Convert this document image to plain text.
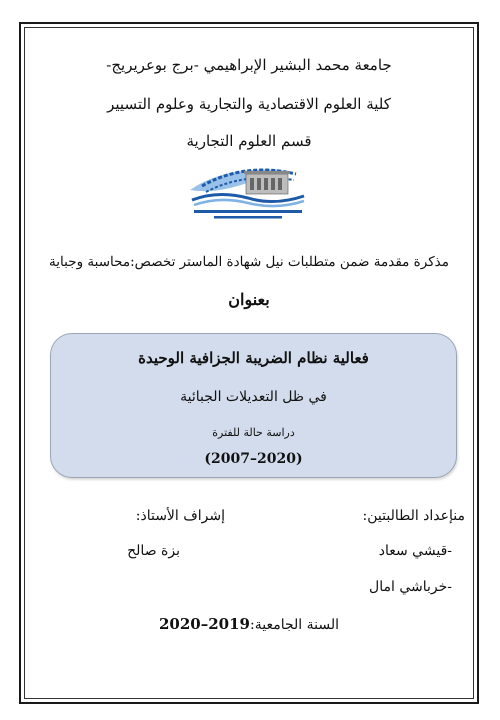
جامعة محمد البشير الإبراهيمي -برج بوعريريج-
كلية العلوم الاقتصادية والتجارية وعلوم التسيير
قسم العلوم التجارية
مذكرة مقدمة ضمن متطلبات نيل شهادة الماستر تخصص:محاسبة وجباية
بعنوان
فعالية نظام الضريبة الجزافية الوحيدة
في ظل التعديلات الجبائية
دراسة حالة للفترة
(2007–2020)
منإعداد الطالبتين:
إشراف الأستاذ:
-قيشي سعاد
بزة صالح
-خرباشي امال
السنة الجامعية:2019–2020
